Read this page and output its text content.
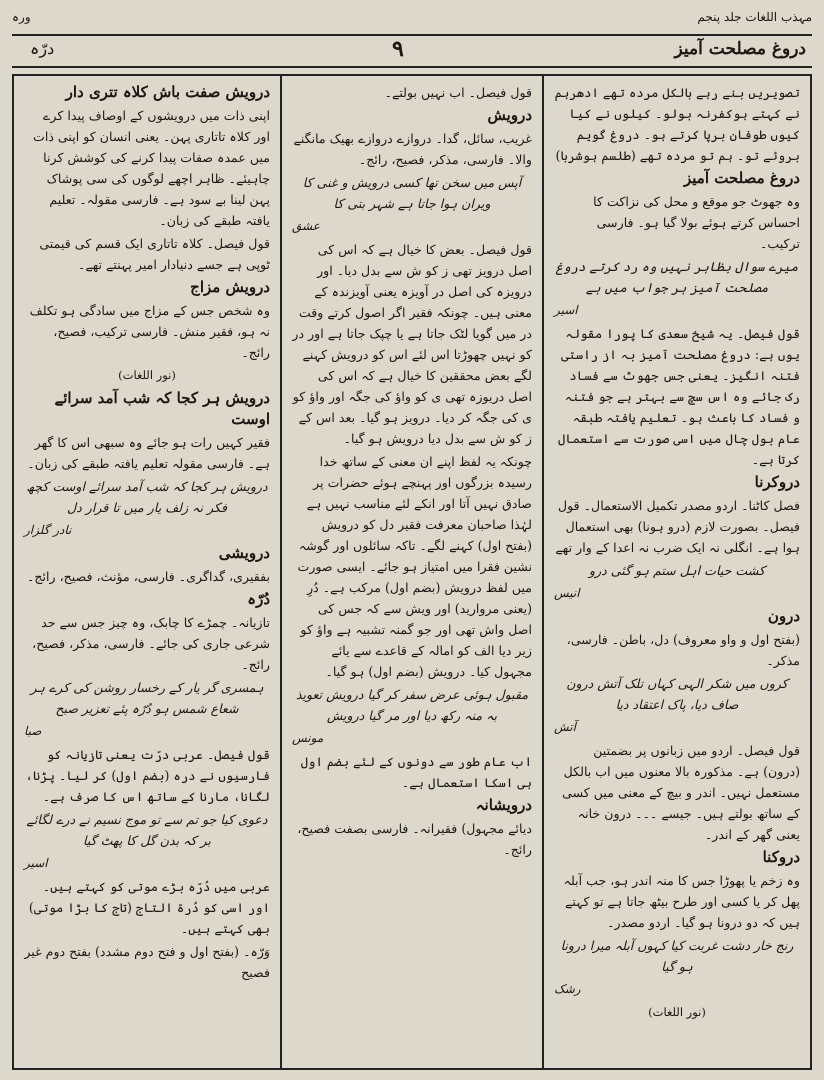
ورہ	مہذب اللغات جلد پنجم
درّہ	۹	دروغ مصلحت آمیز

تصویریں بنے رہے بالکل مردہ تھے ادھرہم نے کہتے ہوکفرنہ بولو۔ کیلوں نے کیا کیوں طوفان برپا کرتے ہو۔ دروغ گویم بروئے تو۔ ہم تو مردہ تھے (طلسم ہوشربا)

دروغ مصلحت آمیز

وہ جھوٹ جو موقع و محل کی نزاکت کا احساس کرتے ہوئے بولا گیا ہو۔ فارسی ترکیب۔

میرے سوال بظاہر نہیں وہ رد کرتے دروغ مصلحت آمیز ہر جواب میں ہے

اسیر

قول فیصل۔ یہ شیخ سعدی کا پورا مقولہ یوں ہے: دروغ مصلحت آمیز بہ از راستی فتنہ انگیز۔ یعنی جس جھوٹ سے فساد رک جائے وہ اس سچ سے بہتر ہے جو فتنہ و فساد کا باعث ہو۔ تعلیم یافتہ طبقہ عام بول چال میں اسی صورت سے استعمال کرتا ہے۔

دروکرنا

فصل کاٹنا۔ اردو مصدر تکمیل الاستعمال۔ قول فیصل۔ بصورت لازم (درو ہونا) بھی استعمال ہوا ہے۔ انگلی نہ ایک ضرب نہ اعدا کے وار تھے

کشت حیات اہل ستم ہو گئی درو

انیس

درون

(بفتح اول و واو معروف) دل، باطن۔ فارسی، مذکر۔

کروں میں شکر الہی کہاں تلک آتش درون صاف دیا، پاک اعتقاد دیا

آتش

قول فیصل۔ اردو میں زبانوں پر بضمتین (درون) ہے۔ مذکورہ بالا معنوں میں اب بالکل مستعمل نہیں۔ اندر و بیچ کے معنی میں کسی کے ساتھ بولتے ہیں۔ جیسے ۔۔۔ درون خانہ یعنی گھر کے اندر۔

دروکنا

وہ زخم یا پھوڑا جس کا منہ اندر ہو، جب آبلہ پھل کر یا کسی اور طرح بیٹھ جاتا ہے تو کہتے ہیں کہ دو درونا ہو گیا۔ اردو مصدر۔

رنج خار دشت غربت کیا کہوں آبلہ میرا درونا ہو گیا

رشک

(نور اللغات)

قول فیصل۔ اب نہیں بولتے۔

درویش

غریب، سائل، گدا۔ دروازے دروازے بھیک مانگنے والا۔ فارسی، مذکر، فصیح، رائج۔

آپس میں سخن تھا کسی درویش و غنی کا ویران ہوا جاتا ہے شہر بتی کا

عشق

قول فیصل۔ بعض کا خیال ہے کہ اس کی اصل درویز تھی ز کو ش سے بدل دیا۔ اور درویزہ کی اصل در آویزہ یعنی آویزندہ کے معنی ہیں۔ چونکہ فقیر اگر اصول کرتے وقت در میں گویا لٹک جاتا ہے یا چپک جاتا ہے اور در کو نہیں چھوڑتا اس لئے اس کو درویش کہنے لگے بعض محققین کا خیال ہے کہ اس کی اصل دریوزہ تھی ی کو واؤ کی جگہ اور واؤ کو ی کی جگہ کر دیا۔ درویز ہو گیا۔ بعد اس کے ز کو ش سے بدل دیا درویش ہو گیا۔

چونکہ یہ لفظ اپنے ان معنی کے ساتھ خدا رسیدہ بزرگوں اور پہنچے ہوئے حضرات پر صادق نہیں آتا اور انکے لئے مناسب نہیں ہے لہٰذا صاحبان معرفت فقیر دل کو درویش (بفتح اول) کہنے لگے۔ تاکہ سائلوں اور گوشہ نشین فقرا میں امتیاز ہو جائے۔ ایسی صورت میں لفظ درویش (بضم اول) مرکب ہے۔ دُرِ (یعنی مروارید) اور ویش سے کہ جس کی اصل واش تھی اور جو گمنہ تشبیہ ہے واؤ کو زیر دیا الف کو امالہ کے قاعدے سے یائے مجہول کیا۔ درویش (بضم اول) ہو گیا۔

مقبول ہوئی عرض سفر کر گیا درویش تعویذ بہ منہ رکھ دیا اور مر گیا درویش

مونس

اب عام طور سے دونوں کے لئے بضم اول ہی اسکا استعمال ہے۔

درویشانہ

دیائے مجہول) فقیرانہ۔ فارسی بصفت فصیح، رائج۔

درویش صفت باش کلاہ تتری دار

اپنی ذات میں درویشوں کے اوصاف پیدا کرے اور کلاہ تاتاری پہن۔ یعنی انسان کو اپنی ذات میں عمدہ صفات پیدا کرنے کی کوشش کرنا چاہیئے۔ ظاہر اچھے لوگوں کی سی پوشاک پہن لینا بے سود ہے۔ فارسی مقولہ۔ تعلیم یافتہ طبقے کی زبان۔

قول فیصل۔ کلاہ تاتاری ایک قسم کی قیمتی ٹوپی ہے جسے دنیادار امیر پہنتے تھے۔

درویش مزاج

وہ شخص جس کے مزاج میں سادگی ہو تکلف نہ ہو، فقیر منش۔ فارسی ترکیب، فصیح، رائج۔

(نور اللغات)

درویش ہر کجا کہ شب آمد سرائے اوست

فقیر کہیں رات ہو جائے وہ سبھی اس کا گھر ہے۔ فارسی مقولہ تعلیم یافتہ طبقے کی زبان۔

درویش ہر کجا کہ شب آمد سرائے اوست کچھ فکر نہ زلف یار میں تا قرار دل

نادر گلزار

درویشی

بفقیری، گداگری۔ فارسی، مؤنث، فصیح، رائج۔

دُرّہ

تازیانہ۔ چمڑے کا چابک، وہ چیز جس سے حد شرعی جاری کی جائے۔ فارسی، مذکر، فصیح، رائج۔

ہمسری گر یار کے رخسار روشن کی کرے ہر شعاع شمس ہو دُرّہ پئے تعزیر صبح

صبا

قول فیصل۔ عربی درّت یعنی تازیانہ کو فارسیوں نے درہ (بضم اول) کر لیا۔ پڑنا، لگانا، مارنا کے ساتھ اس کا صرف ہے۔

دعوی کیا جو تم سے تو موج نسیم نے درے لگائے بر کہ بدن گل کا پھٹ گیا

اسیر

عربی میں دُرّہ بڑے موتی کو کہتے ہیں۔ اور اسی کو دُرۃ التاج (تاج کا بڑا موتی) بھی کہتے ہیں۔

وَرّہ۔ (بفتح اول و فتح دوم مشدد) بفتح دوم غیر فصیح
